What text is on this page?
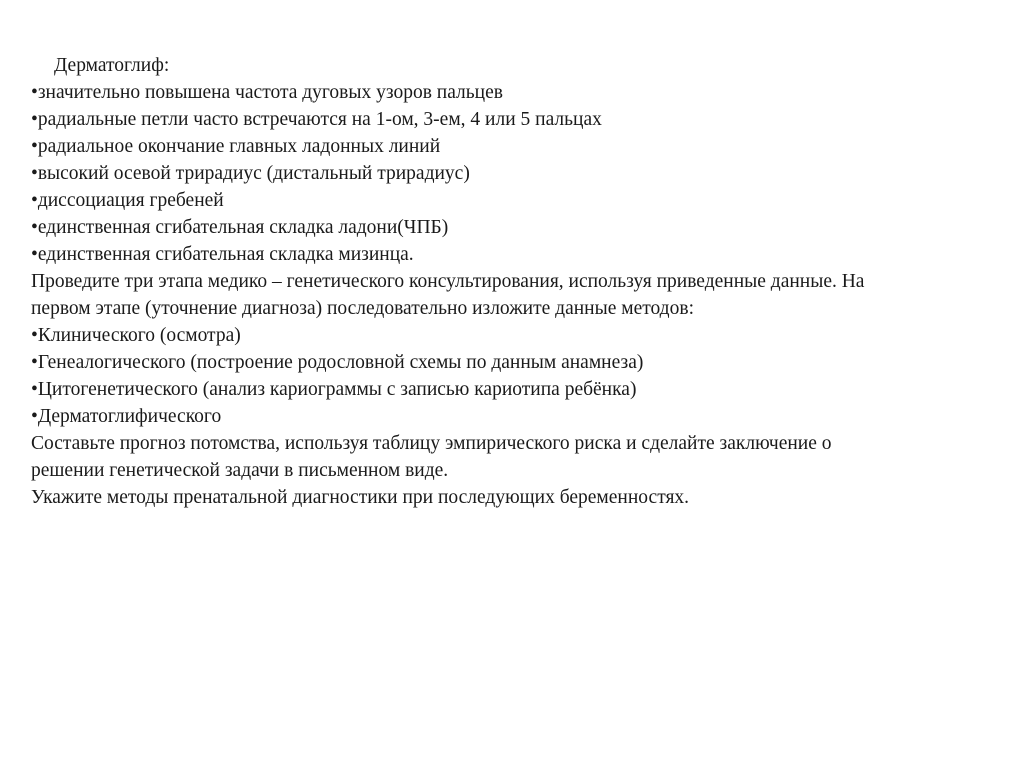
Дерматоглиф:
•значительно повышена частота дуговых узоров пальцев
•радиальные петли часто встречаются на 1-ом, 3-ем, 4 или 5 пальцах
•радиальное окончание главных ладонных линий
•высокий осевой трирадиус (дистальный трирадиус)
•диссоциация гребеней
•единственная сгибательная складка ладони(ЧПБ)
•единственная сгибательная складка мизинца.
Проведите три этапа медико – генетического консультирования, используя приведенные данные. На
первом этапе (уточнение диагноза) последовательно изложите данные методов:
•Клинического (осмотра)
•Генеалогического (построение родословной схемы по данным анамнеза)
•Цитогенетического (анализ кариограммы с записью кариотипа ребёнка)
•Дерматоглифического
Составьте прогноз потомства, используя таблицу эмпирического риска и сделайте заключение о
решении генетической задачи в письменном виде.
Укажите методы пренатальной диагностики при последующих беременностях.
